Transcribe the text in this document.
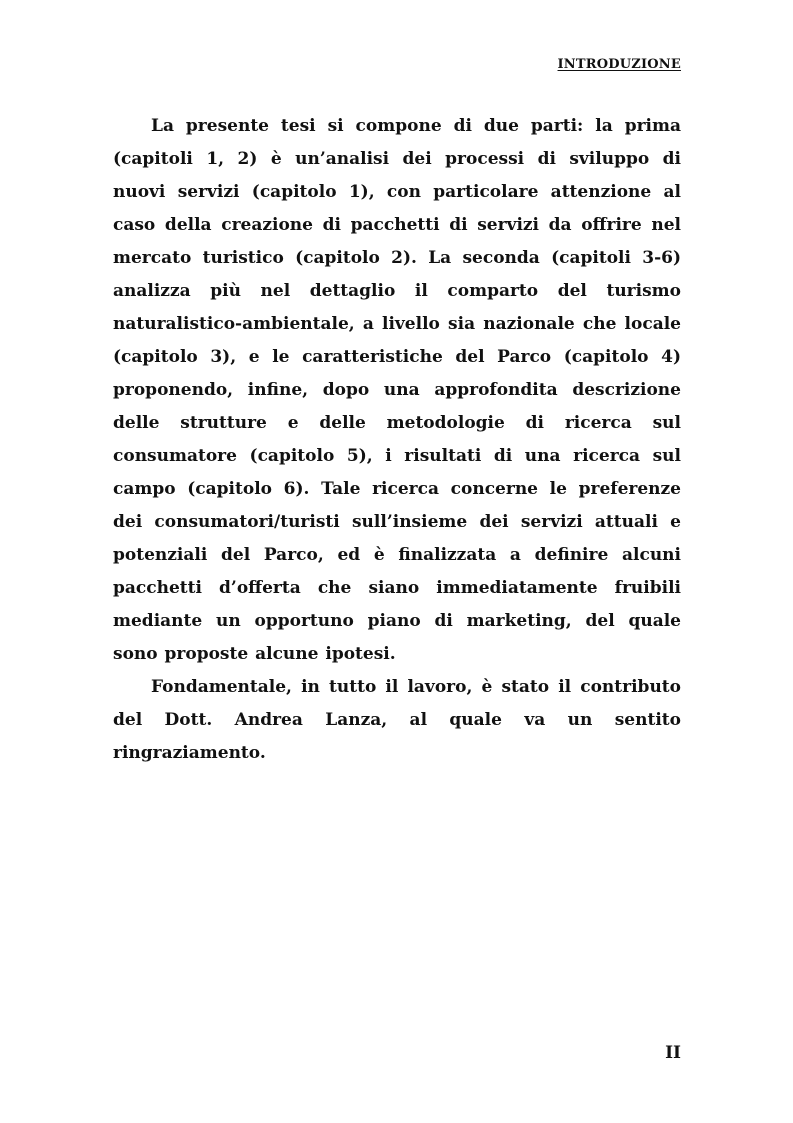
INTRODUZIONE

La presente tesi si compone di due parti: la prima (capitoli 1, 2) è un’analisi dei processi di sviluppo di nuovi servizi (capitolo 1), con particolare attenzione al caso della creazione di pacchetti di servizi da offrire nel mercato turistico (capitolo 2). La seconda (capitoli 3-6) analizza più nel dettaglio il comparto del turismo naturalistico-ambientale, a livello sia nazionale che locale (capitolo 3), e le caratteristiche del Parco (capitolo 4) proponendo, infine, dopo una approfondita descrizione delle strutture e delle metodologie di ricerca sul consumatore (capitolo 5), i risultati di una ricerca sul campo (capitolo 6). Tale ricerca concerne le preferenze dei consumatori/turisti sull’insieme dei servizi attuali e potenziali del Parco, ed è finalizzata a definire alcuni pacchetti d’offerta che siano immediatamente fruibili mediante un opportuno piano di marketing, del quale sono proposte alcune ipotesi.

Fondamentale, in tutto il lavoro, è stato il contributo del Dott. Andrea Lanza, al quale va un sentito ringraziamento.

II
